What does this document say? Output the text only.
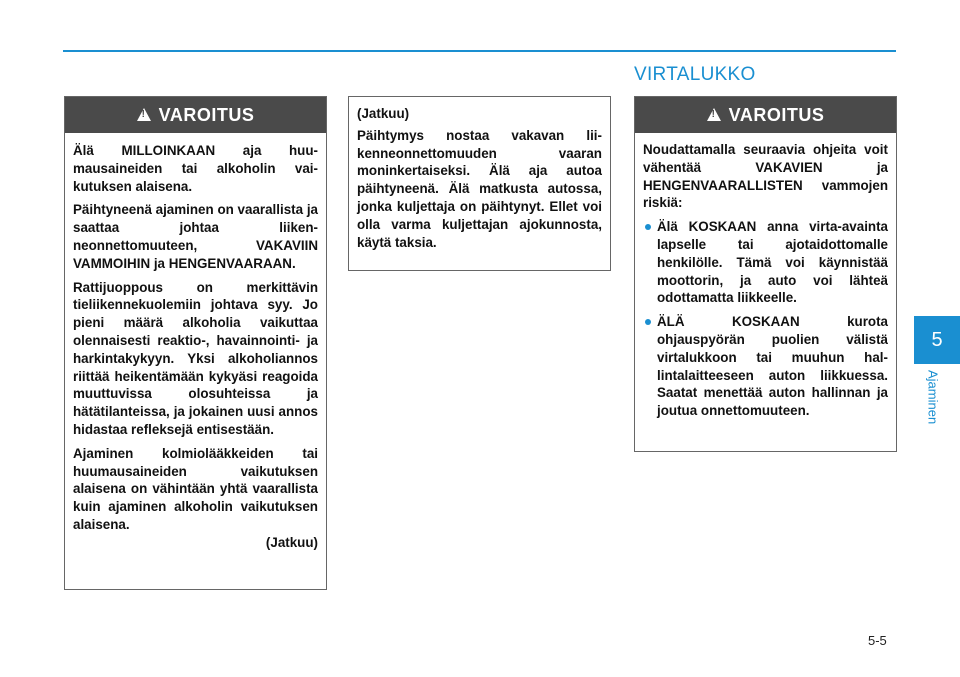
VIRTALUKKO
!
VAROITUS

Älä MILLOINKAAN aja huumausaineiden tai alkoholin vaikutuksen alaisena.

Päihtyneenä ajaminen on vaarallista ja saattaa johtaa liikenneonnettomuuteen, VAKAVIIN VAMMOIHIN ja HENGENVAARAAN.

Rattijuoppous on merkittävin tieliikennekuolemiin johtava syy. Jo pieni määrä alkoholia vaikuttaa olennaisesti reaktio-, havainnointi- ja harkintakykyyn. Yksi alkoholiannos riittää heikentämään kykyäsi reagoida muuttuvissa olosuhteissa ja hätätilanteissa, ja jokainen uusi annos hidastaa refleksejä entisestään.

Ajaminen kolmiolääkkeiden tai huumausaineiden vaikutuksen alaisena on vähintään yhtä vaarallista kuin ajaminen alkoholin vaikutuksen alaisena.

(Jatkuu)

(Jatkuu)

Päihtymys nostaa vakavan liikenneonnettomuuden vaaran moninkertaiseksi. Älä aja autoa päihtyneenä. Älä matkusta autossa, jonka kuljettaja on päihtynyt. Ellet voi olla varma kuljettajan ajokunnosta, käytä taksia.

!
VAROITUS

Noudattamalla seuraavia ohjeita voit vähentää VAKAVIEN ja HENGENVAARALLISTEN vammojen riskiä:

Älä KOSKAAN anna virta-avainta lapselle tai ajotaidottomalle henkilölle. Tämä voi käynnistää moottorin, ja auto voi lähteä odottamatta liikkeelle.
ÄLÄ KOSKAAN kurota ohjauspyörän puolien välistä virtalukkoon tai muuhun hallintalaitteeseen auton liikkuessa. Saatat menettää auton hallinnan ja joutua onnettomuuteen.
5
Ajaminen
5-5
